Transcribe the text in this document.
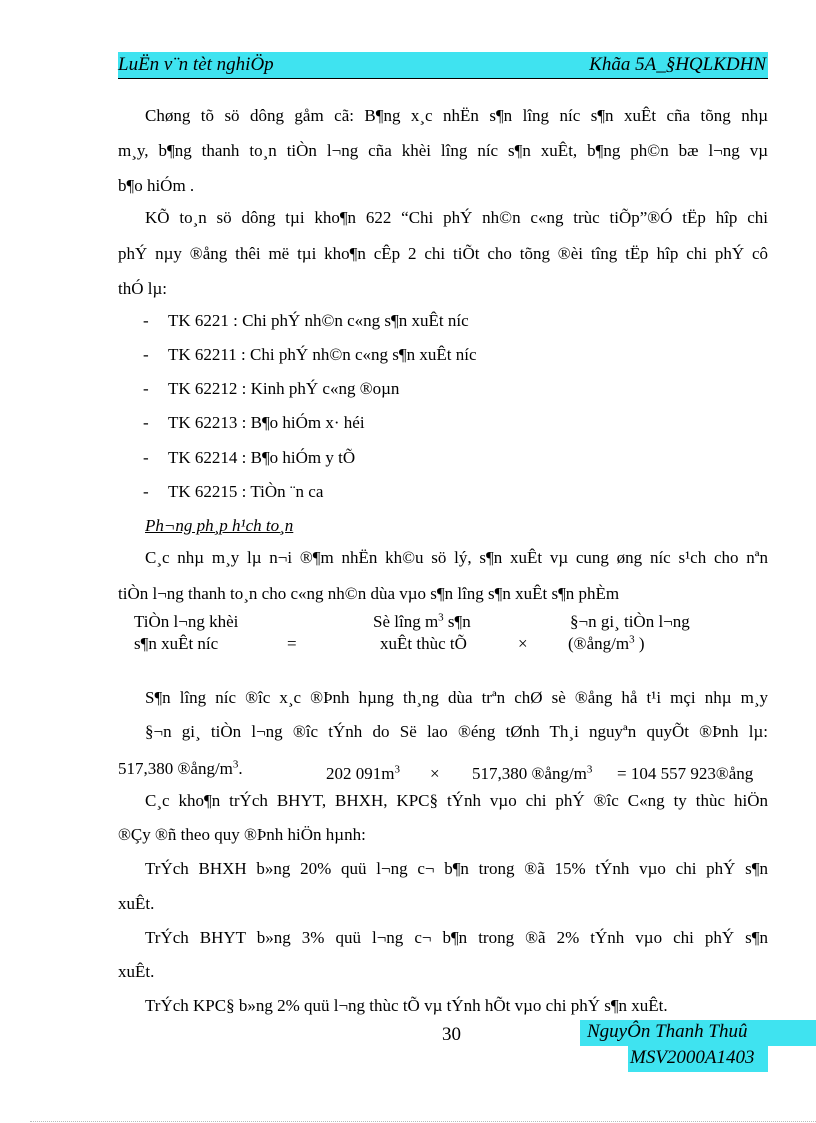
LuËn v¨n tèt nghiÖp	Khãa 5A_§HQLKDHN
Chøng tõ sö dông gåm cã: B¶ng x¸c nhËn s¶n lîng níc s¶n xuÊt cña tõng nhµ
m¸y, b¶ng thanh to¸n tiÒn l¬ng cña khèi lîng níc s¶n xuÊt, b¶ng ph©n bæ l¬ng vµ
b¶o hiÓm .
KÕ to¸n sö dông tµi kho¶n 622 “Chi phÝ nh©n c«ng trùc tiÕp”®Ó tËp hîp chi
phÝ nµy ®ång thêi më tµi kho¶n cÊp 2 chi tiÕt cho tõng ®èi tîng tËp hîp chi phÝ cô
thÓ lµ:
- TK 6221 : Chi phÝ nh©n c«ng s¶n xuÊt níc
- TK 62211 : Chi phÝ nh©n c«ng s¶n xuÊt níc
- TK 62212 : Kinh phÝ c«ng ®oµn
- TK 62213 : B¶o hiÓm x· héi
- TK 62214 : B¶o hiÓm y tÕ
- TK 62215 : TiÒn ¨n ca
Ph¬ng ph¸p h¹ch to¸n
C¸c nhµ m¸y lµ n¬i ®¶m nhËn kh©u sö lý, s¶n xuÊt vµ cung øng níc s¹ch cho nªn
tiÒn l¬ng thanh to¸n cho c«ng nh©n dùa vµo s¶n lîng s¶n xuÊt s¶n phÈm
TiÒn l¬ng khèi
s¶n xuÊt níc	=
Sè lîng $m^3$ s¶n
xuÊt thùc tÕ	×
§¬n gi¸ tiÒn l¬ng
($®ång/m^3$ )
S¶n lîng níc ®îc x¸c ®Þnh hµng th¸ng dùa trªn chØ sè ®ång hå t¹i mçi nhµ m¸y
§¬n gi¸ tiÒn l¬ng ®îc tÝnh do Së lao ®éng tØnh Th¸i nguyªn quyÕt ®Þnh lµ:
517,380 $®ång/m^3$.	202 $091m^3 \times 517,380$ $®ång/m^3 = 104$ 557 923®ång
C¸c kho¶n trÝch BHYT, BHXH, KPC§ tÝnh vµo chi phÝ ®îc C«ng ty thùc hiÖn
®Çy ®ñ theo quy ®Þnh hiÖn hµnh:
TrÝch BHXH b»ng 20% quü l¬ng c¬ b¶n trong ®ã 15% tÝnh vµo chi phÝ s¶n
xuÊt.
TrÝch BHYT b»ng 3% quü l¬ng c¬ b¶n trong ®ã 2% tÝnh vµo chi phÝ s¶n
xuÊt.
TrÝch KPC§ b»ng 2% quü l¬ng thùc tÕ vµ tÝnh hÕt vµo chi phÝ s¶n xuÊt.
30	NguyÔn Thanh Thuû
MSV2000A1403
